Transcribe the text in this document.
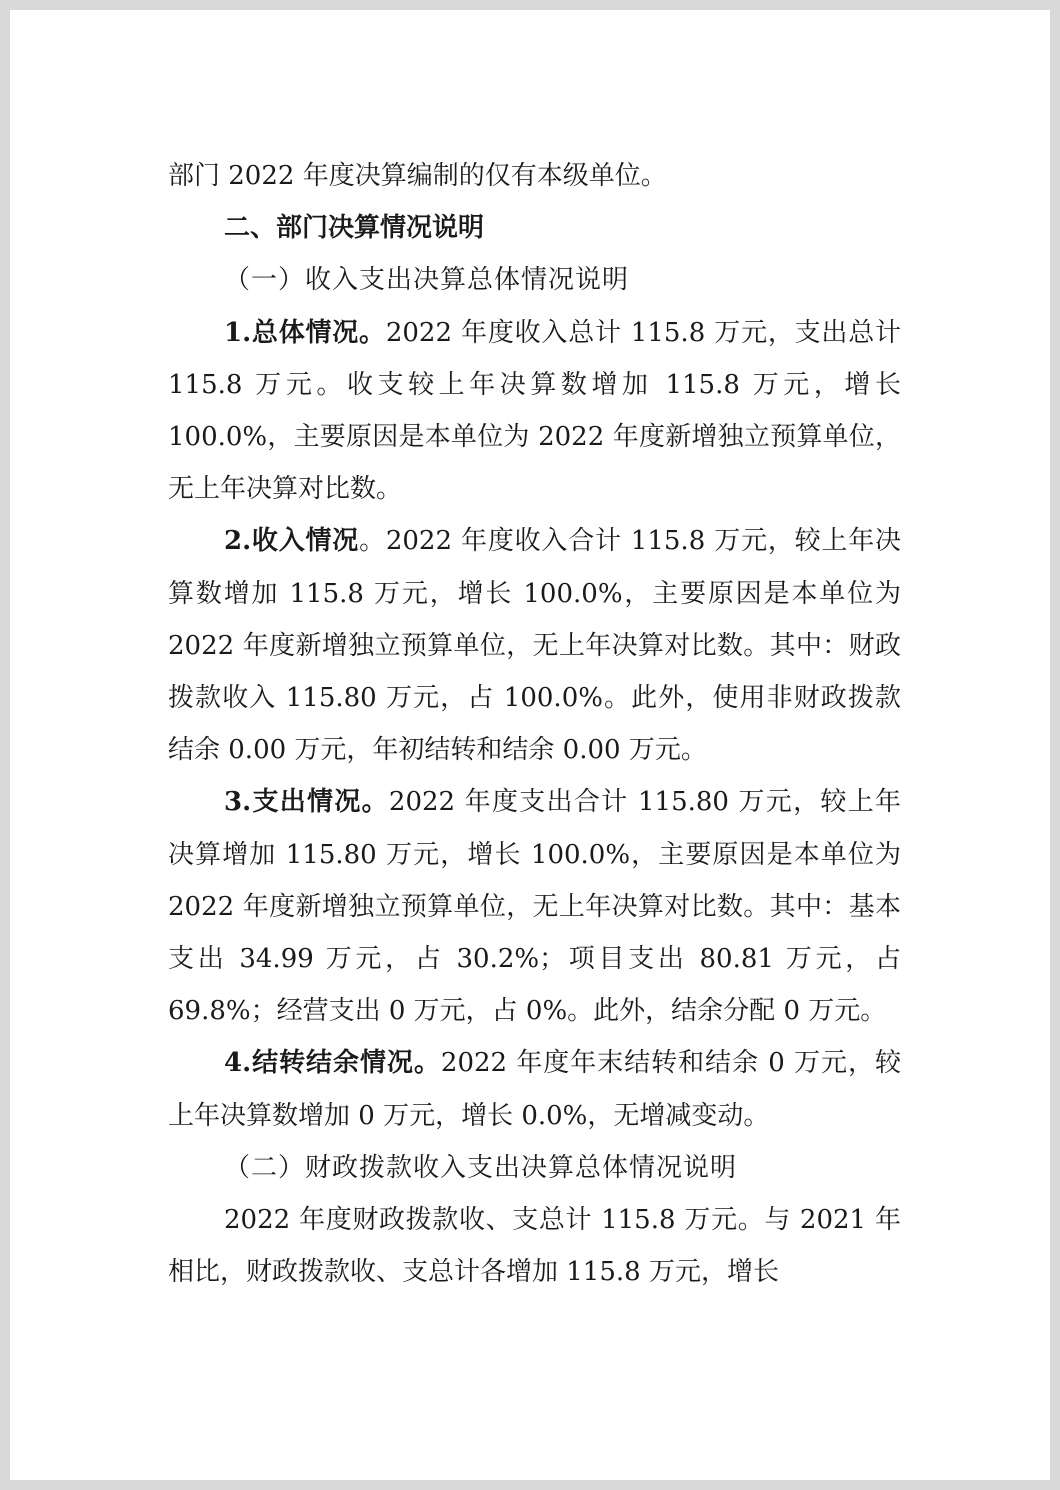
部门 2022 年度决算编制的仅有本级单位。

二、部门决算情况说明

（一）收入支出决算总体情况说明

1.总体情况。2022 年度收入总计 115.8 万元，支出总计 115.8 万元。收支较上年决算数增加 115.8 万元，增长 100.0%，主要原因是本单位为 2022 年度新增独立预算单位，无上年决算对比数。

2.收入情况。2022 年度收入合计 115.8 万元，较上年决算数增加 115.8 万元，增长 100.0%，主要原因是本单位为 2022 年度新增独立预算单位，无上年决算对比数。其中：财政拨款收入 115.80 万元，占 100.0%。此外，使用非财政拨款结余 0.00 万元，年初结转和结余 0.00 万元。

3.支出情况。2022 年度支出合计 115.80 万元，较上年决算增加 115.80 万元，增长 100.0%，主要原因是本单位为 2022 年度新增独立预算单位，无上年决算对比数。其中：基本支出 34.99 万元，占 30.2%；项目支出 80.81 万元，占 69.8%；经营支出 0 万元，占 0%。此外，结余分配 0 万元。

4.结转结余情况。2022 年度年末结转和结余 0 万元，较上年决算数增加 0 万元，增长 0.0%，无增减变动。

（二）财政拨款收入支出决算总体情况说明

2022 年度财政拨款收、支总计 115.8 万元。与 2021 年相比，财政拨款收、支总计各增加 115.8 万元，增长
